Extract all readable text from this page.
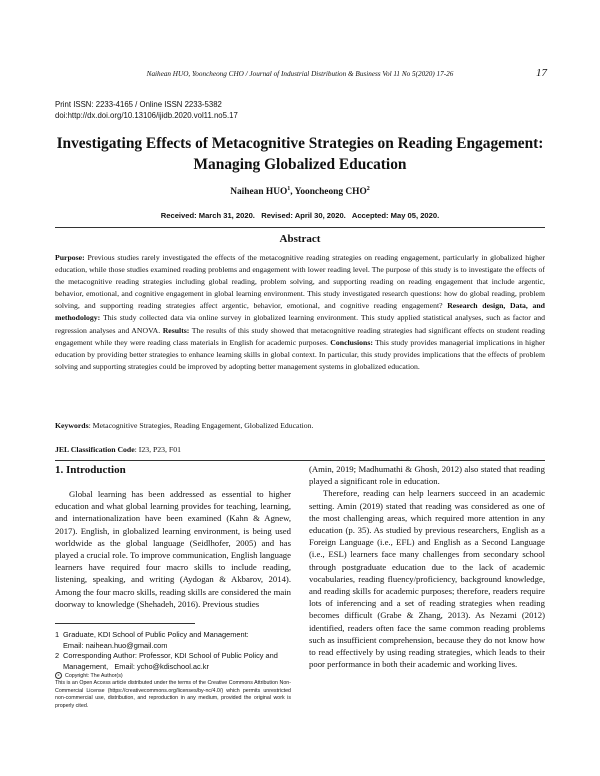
Naihean HUO, Yooncheong CHO / Journal of Industrial Distribution & Business Vol 11 No 5(2020) 17-26	17
Print ISSN: 2233-4165 / Online ISSN 2233-5382
doi:http://dx.doi.org/10.13106/ijidb.2020.vol11.no5.17
Investigating Effects of Metacognitive Strategies on Reading Engagement:
Managing Globalized Education
Naihean HUO$^1$, Yooncheong CHO$^2$
Received: March 31, 2020.   Revised: April 30, 2020.   Accepted: May 05, 2020.
Abstract
Purpose: Previous studies rarely investigated the effects of the metacognitive reading strategies on reading engagement, particularly in globalized higher education, while those studies examined reading problems and engagement with lower reading level. The purpose of this study is to investigate the effects of the metacognitive reading strategies including global reading, problem solving, and supporting reading on reading engagement that include argentic, behavior, emotional, and cognitive engagement in global learning environment. This study investigated research questions: how do global reading, problem solving, and supporting reading strategies affect argentic, behavior, emotional, and cognitive reading engagement? Research design, Data, and methodology: This study collected data via online survey in globalized learning environment. This study applied statistical analyses, such as factor and regression analyses and ANOVA. Results: The results of this study showed that metacognitive reading strategies had significant effects on student reading engagement while they were reading class materials in English for academic purposes. Conclusions: This study provides managerial implications in higher education by providing better strategies to enhance learning skills in global context. In particular, this study provides implications that the effects of problem solving and supporting strategies could be improved by adopting better management systems in globalized education.
Keywords: Metacognitive Strategies, Reading Engagement, Globalized Education.
JEL Classification Code: I23, P23, F01
1. Introduction

Global learning has been addressed as essential to higher education and what global learning provides for teaching, learning, and internationalization have been examined (Kahn & Agnew, 2017). English, in globalized learning environment, is being used worldwide as the global language (Seidlhofer, 2005) and has played a crucial role. To improve communication, English language learners have required four macro skills to include reading, listening, speaking, and writing (Aydogan & Akbarov, 2014). Among the four macro skills, reading skills are considered the main doorway to knowledge (Shehadeh, 2016). Previous studies

(Amin, 2019; Madhumathi & Ghosh, 2012) also stated that reading played a significant role in education.

Therefore, reading can help learners succeed in an academic setting. Amin (2019) stated that reading was considered as one of the most challenging areas, which required more attention in any education (p. 35). As studied by previous researchers, English as a Foreign Language (i.e., EFL) and English as a Second Language (i.e., ESL) learners face many challenges from secondary school through postgraduate education due to the lack of academic vocabularies, reading fluency/proficiency, background knowledge, and reading skills for academic purposes; therefore, readers require lots of inferencing and a set of reading strategies when reading becomes difficult (Grabe & Zhang, 2013). As Nezami (2012) identified, readers often face the same common reading problems such as insufficient comprehension, because they do not know how to read effectively by using reading strategies, which leads to their poor performance in both their academic and working lives.

1 Graduate, KDI School of Public Policy and Management:
Email: naihean.huo@gmail.com
2 Corresponding Author: Professor, KDI School of Public Policy and
Management,   Email: ycho@kdischool.ac.kr
c Copyright: The Author(s)
This is an Open Access article distributed under the terms of the Creative Commons Attribution Non-Commercial License (https://creativecommons.org/licenses/by-nc/4.0/) which permits unrestricted non-commercial use, distribution, and reproduction in any medium, provided the original work is properly cited.
